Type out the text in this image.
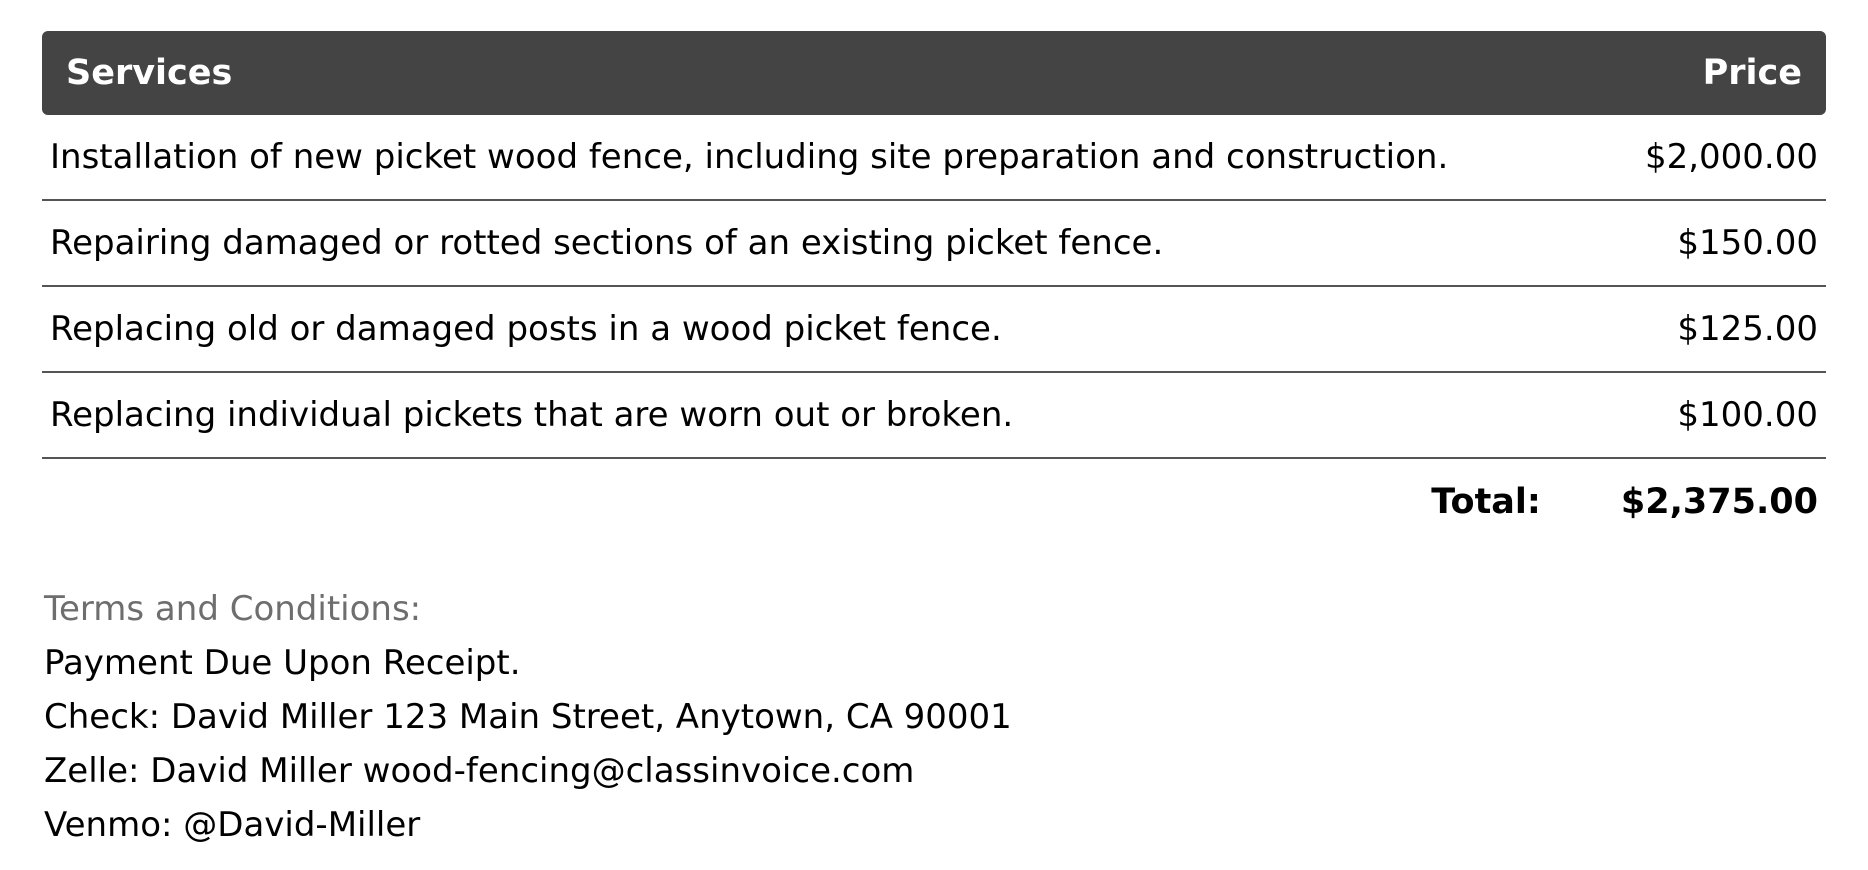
Services	Price
Installation of new picket wood fence, including site preparation and construction.	$2,000.00
Repairing damaged or rotted sections of an existing picket fence.	$150.00
Replacing old or damaged posts in a wood picket fence.	$125.00
Replacing individual pickets that are worn out or broken.	$100.00
Total: $2,375.00
Terms and Conditions:
Payment Due Upon Receipt.
Check: David Miller 123 Main Street, Anytown, CA 90001
Zelle: David Miller wood-fencing@classinvoice.com
Venmo: @David-Miller
